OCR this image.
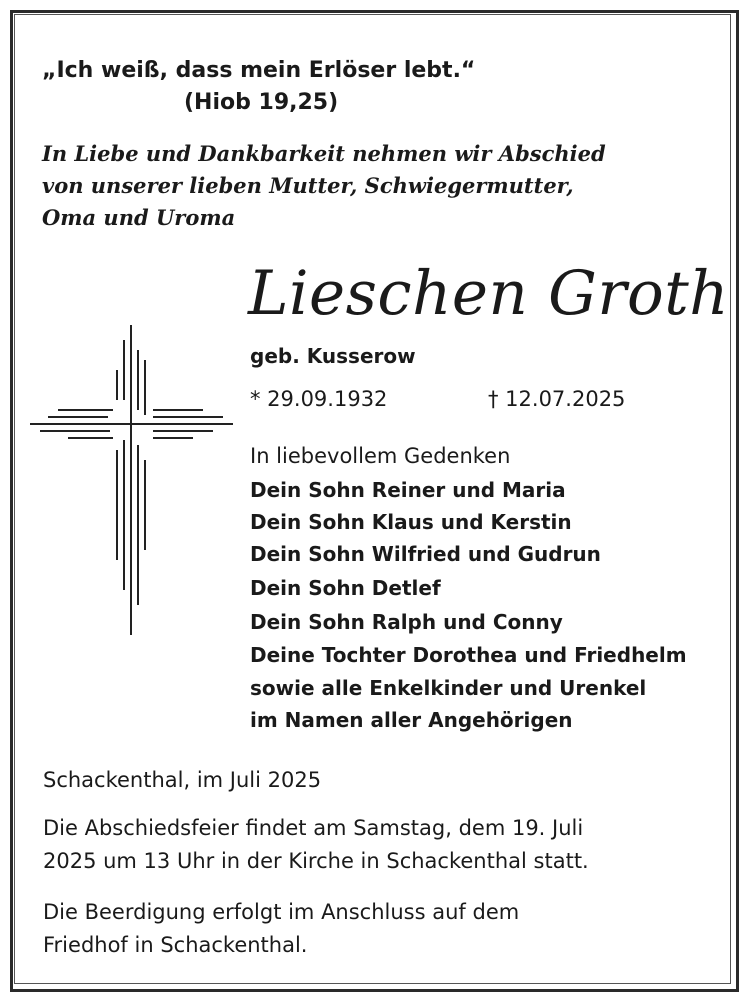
„Ich weiß, dass mein Erlöser lebt.“

(Hiob 19,25)

In Liebe und Dankbarkeit nehmen wir Abschied

von unserer lieben Mutter, Schwiegermutter,

Oma und Uroma

Lieschen Groth

geb. Kusserow

* 29.09.1932	† 12.07.2025

In liebevollem Gedenken

Dein Sohn Reiner und Maria

Dein Sohn Klaus und Kerstin

Dein Sohn Wilfried und Gudrun

Dein Sohn Detlef

Dein Sohn Ralph und Conny

Deine Tochter Dorothea und Friedhelm

sowie alle Enkelkinder und Urenkel

im Namen aller Angehörigen

Schackenthal, im Juli 2025

Die Abschiedsfeier findet am Samstag, dem 19. Juli

2025 um 13 Uhr in der Kirche in Schackenthal statt.

Die Beerdigung erfolgt im Anschluss auf dem

Friedhof in Schackenthal.
